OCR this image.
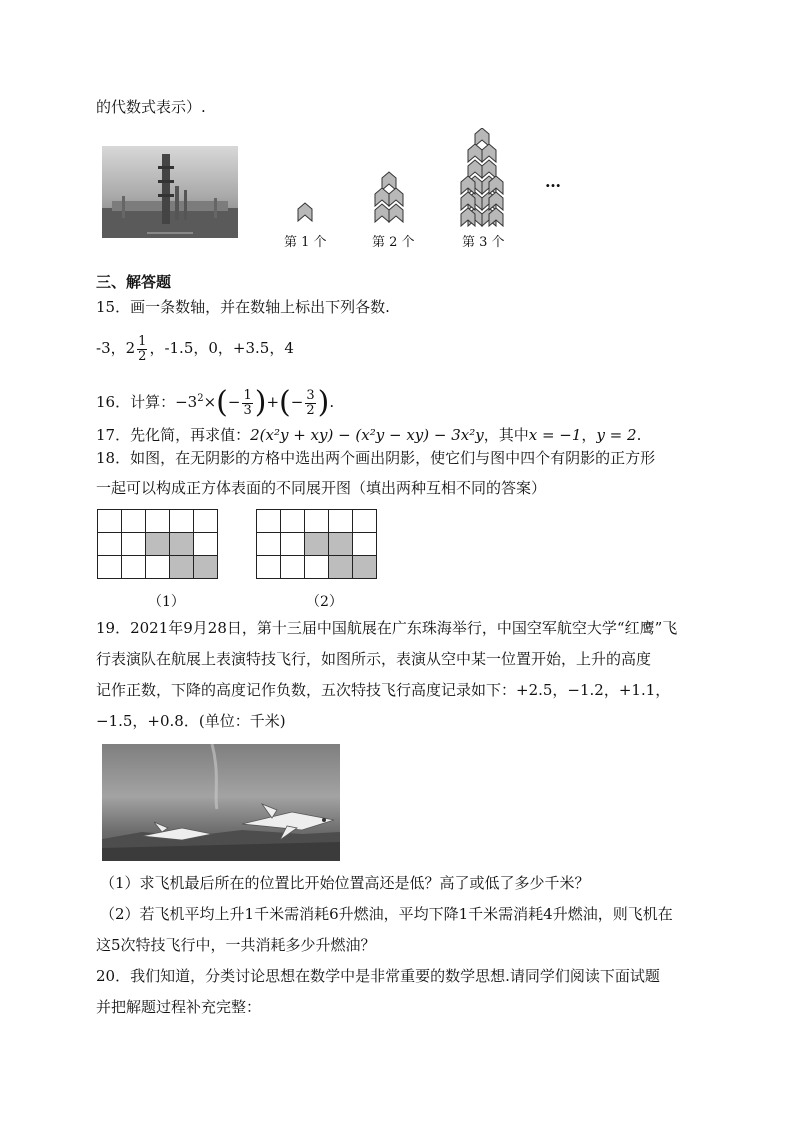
的代数式表示）.
…
第 1 个	第 2 个	第 3 个
三、解答题
15．画一条数轴，并在数轴上标出下列各数.
-3，$2 \frac{1}{2}$ ，-1.5，0，+3.5，4
16．计算：$-3^2\times(- \frac{1}{3}$ )+(− $\frac{3}{2}$ ).
17．先化简，再求值：2(x²y + xy) − (x²y − xy) − 3x²y，其中x = −1，y = 2.
18．如图，在无阴影的方格中选出两个画出阴影，使它们与图中四个有阴影的正方形
一起可以构成正方体表面的不同展开图（填出两种互相不同的答案）

（1）	（2）
19．2021年9月28日，第十三届中国航展在广东珠海举行，中国空军航空大学“红鹰”飞
行表演队在航展上表演特技飞行，如图所示，表演从空中某一位置开始，上升的高度
记作正数，下降的高度记作负数，五次特技飞行高度记录如下：+2.5，−1.2，+1.1，
−1.5，+0.8．(单位：千米)
（1）求飞机最后所在的位置比开始位置高还是低？高了或低了多少千米？
（2）若飞机平均上升1千米需消耗6升燃油，平均下降1千米需消耗4升燃油，则飞机在
这5次特技飞行中，一共消耗多少升燃油？
20．我们知道，分类讨论思想在数学中是非常重要的数学思想.请同学们阅读下面试题
并把解题过程补充完整：
